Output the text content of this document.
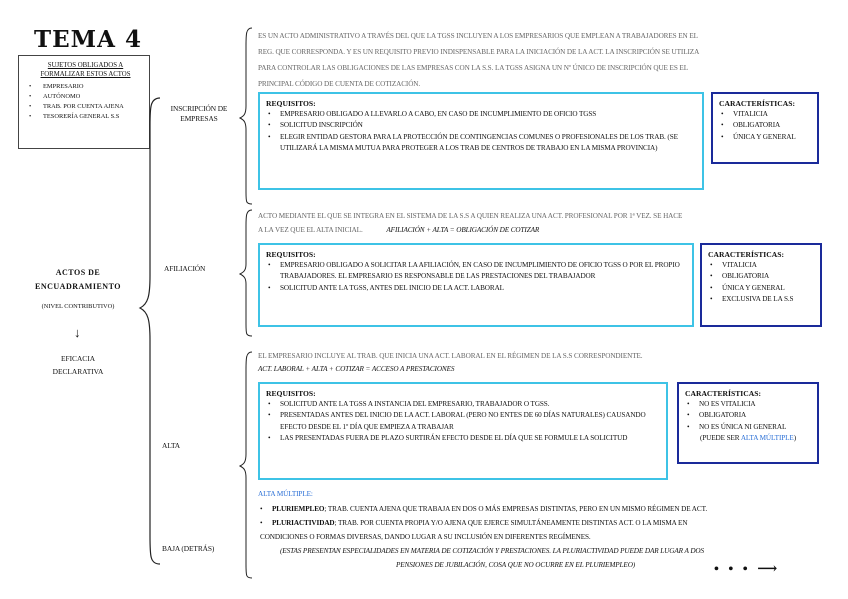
TEMA 4
SUJETOS OBLIGADOS A
FORMALIZAR ESTOS ACTOS
• EMPRESARIO
• AUTÓNOMO
• TRAB. POR CUENTA AJENA
• TESORERÍA GENERAL S.S
ACTOS DE
ENCUADRAMIENTO
(NIVEL CONTRIBUTIVO)
↓
EFICACIA
DECLARATIVA
INSCRIPCIÓN DE
EMPRESAS
AFILIACIÓN
ALTA
BAJA (DETRÁS)
ES UN ACTO ADMINISTRATIVO A TRAVÉS DEL QUE LA TGSS INCLUYEN A LOS EMPRESARIOS QUE EMPLEAN A TRABAJADORES EN EL
REG. QUE CORRESPONDA. Y ES UN REQUISITO PREVIO INDISPENSABLE PARA LA INICIACIÓN DE LA ACT. LA INSCRIPCIÓN SE UTILIZA
PARA CONTROLAR LAS OBLIGACIONES DE LAS EMPRESAS CON LA S.S. LA TGSS ASIGNA UN Nº ÚNICO DE INSCRIPCIÓN QUE ES EL
PRINCIPAL CÓDIGO DE CUENTA DE COTIZACIÓN.
REQUISITOS:
• EMPRESARIO OBLIGADO A LLEVARLO A CABO, EN CASO DE INCUMPLIMIENTO DE OFICIO TGSS
• SOLICITUD INSCRIPCIÓN
• ELEGIR ENTIDAD GESTORA PARA LA PROTECCIÓN DE CONTINGENCIAS COMUNES O PROFESIONALES DE LOS TRAB. (SE UTILIZARÁ LA MISMA MUTUA PARA PROTEGER A LOS TRAB DE CENTROS DE TRABAJO EN LA MISMA PROVINCIA)
CARACTERÍSTICAS:
• VITALICIA
• OBLIGATORIA
• ÚNICA Y GENERAL
ACTO MEDIANTE EL QUE SE INTEGRA EN EL SISTEMA DE LA S.S A QUIEN REALIZA UNA ACT. PROFESIONAL POR 1ª VEZ. SE HACE
A LA VEZ QUE EL ALTA INICIAL.	AFILIACIÓN + ALTA = OBLIGACIÓN DE COTIZAR
REQUISITOS:
• EMPRESARIO OBLIGADO A SOLICITAR LA AFILIACIÓN, EN CASO DE INCUMPLIMIENTO DE OFICIO TGSS O POR EL PROPIO TRABAJADORES. EL EMPRESARIO ES RESPONSABLE DE LAS PRESTACIONES DEL TRABAJADOR
• SOLICITUD ANTE LA TGSS, ANTES DEL INICIO DE LA ACT. LABORAL
CARACTERÍSTICAS:
• VITALICIA
• OBLIGATORIA
• ÚNICA Y GENERAL
• EXCLUSIVA DE LA S.S
EL EMPRESARIO INCLUYE AL TRAB. QUE INICIA UNA ACT. LABORAL EN EL RÉGIMEN DE LA S.S CORRESPONDIENTE.
ACT. LABORAL + ALTA + COTIZAR = ACCESO A PRESTACIONES
REQUISITOS:
• SOLICITUD ANTE LA TGSS A INSTANCIA DEL EMPRESARIO, TRABAJADOR O TGSS.
• PRESENTADAS ANTES DEL INICIO DE LA ACT. LABORAL (PERO NO ENTES DE 60 DÍAS NATURALES) CAUSANDO EFECTO DESDE EL 1º DÍA QUE EMPIEZA A TRABAJAR
• LAS PRESENTADAS FUERA DE PLAZO SURTIRÁN EFECTO DESDE EL DÍA QUE SE FORMULE LA SOLICITUD
CARACTERÍSTICAS:
• NO ES VITALICIA
• OBLIGATORIA
• NO ES ÚNICA NI GENERAL
(PUEDE SER ALTA MÚLTIPLE)
ALTA MÚLTIPLE:
• PLURIEMPLEO; TRAB. CUENTA AJENA QUE TRABAJA EN DOS O MÁS EMPRESAS DISTINTAS, PERO EN UN MISMO RÉGIMEN DE ACT.
• PLURIACTIVIDAD; TRAB. POR CUENTA PROPIA Y/O AJENA QUE EJERCE SIMULTÁNEAMENTE DISTINTAS ACT. O LA MISMA EN
CONDICIONES O FORMAS DIVERSAS, DANDO LUGAR A SU INCLUSIÓN EN DIFERENTES REGÍMENES.
(ESTAS PRESENTAN ESPECIALIDADES EN MATERIA DE COTIZACIÓN Y PRESTACIONES. LA PLURIACTIVIDAD PUEDE DAR LUGAR A DOS
PENSIONES DE JUBILACIÓN, COSA QUE NO OCURRE EN EL PLURIEMPLEO)	• • • ⟶
